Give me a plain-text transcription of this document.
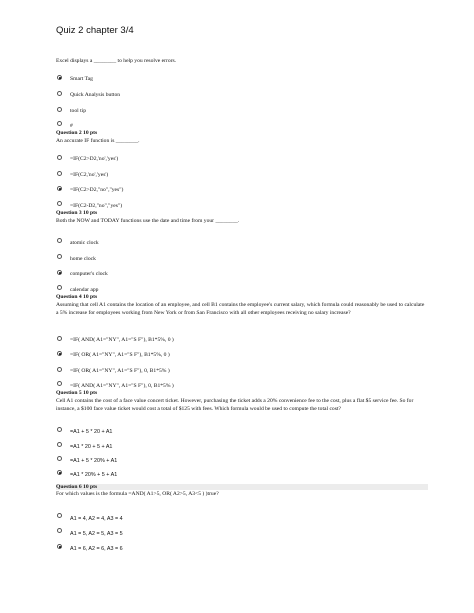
Quiz 2 chapter 3/4
Excel displays a ________ to help you resolve errors.
Smart Tag
Quick Analysis button
tool tip
#
Question 2 10 pts
An accurate IF function is ________.
=IF(C2>D2,'no','yes')
=IF(C2,'no','yes')
=IF(C2>D2,"no","yes")
=IF(C2-D2,"no","yes")
Question 3 10 pts
Both the NOW and TODAY functions use the date and time from your ________.
atomic clock
home clock
computer's clock
calendar app
Question 4 10 pts
Assuming that cell A1 contains the location of an employee, and cell B1 contains the employee's current salary, which formula could reasonably be used to calculate a 5% increase for employees working from New York or from San Francisco with all other employees receiving no salary increase?
=IF( AND( A1="NY", A1="S F"), B1*5%, 0 )
=IF( OR( A1="NY", A1="S F"), B1*5%, 0 )
=IF( OR( A1="NY", A1="S F"), 0, B1*5% )
=IF( AND( A1="NY", A1="S F"), 0, B1*5% )
Question 5 10 pts
Cell A1 contains the cost of a face value concert ticket. However, purchasing the ticket adds a 20% convenience fee to the cost, plus a flat $5 service fee. So for instance, a $100 face value ticket would cost a total of $125 with fees. Which formula would be used to compute the total cost?
=A1 + 5 * 20 + A1
=A1 * 20 + 5 + A1
=A1 + 5 * 20% + A1
=A1 * 20% + 5 + A1
Question 6 10 pts
For which values is the formula =AND( A1>5, OR( A2>5, A3<5 ) )true?
A1 = 4, A2 = 4, A3 = 4
A1 = 5, A2 = 5, A3 = 5
A1 = 6, A2 = 6, A3 = 6
